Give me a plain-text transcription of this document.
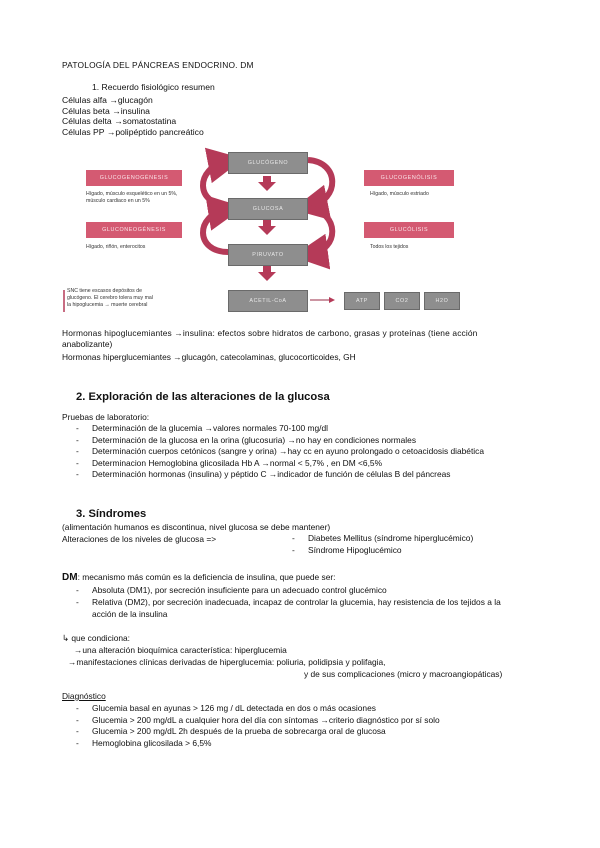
PATOLOGÍA DEL PÁNCREAS ENDOCRINO. DM
1. Recuerdo fisiológico resumen
Células alfa →glucagón
Células beta →insulina
Células delta →somatostatina
Células PP →polipéptido pancreático
GLUCÓGENO
GLUCOSA
PIRUVATO
ACETIL-CoA
GLUCOGENOGÉNESIS
Hígado, músculo esquelético en un 5%,
músculo cardiaco en un 5%
GLUCONEOGÉNESIS
Hígado, riñón, enterocitos
GLUCOGENÓLISIS
Hígado, músculo estriado
GLUCÓLISIS
Todos los tejidos
SNC tiene escasos depósitos de
glucógeno. El cerebro tolera muy mal
la hipoglucemia → muerte cerebral
ATP	CO2	H2O
Hormonas hipoglucemiantes →insulina: efectos sobre hidratos de carbono, grasas y proteínas (tiene acción
anabolizante)
Hormonas hiperglucemiantes →glucagón, catecolaminas, glucocorticoides, GH
2. Exploración de las alteraciones de la glucosa
Pruebas de laboratorio:
- Determinación de la glucemia →valores normales 70-100 mg/dl
- Determinación de la glucosa en la orina (glucosuria) →no hay en condiciones normales
- Determinación cuerpos cetónicos (sangre y orina) →hay cc en ayuno prolongado o cetoacidosis diabética
- Determinacion Hemoglobina glicosilada Hb A →normal < 5,7% , en DM <6,5%
- Determinación hormonas (insulina) y péptido C →indicador de función de células B del páncreas
3. Síndromes
(alimentación humanos es discontinua, nivel glucosa se debe mantener)
Alteraciones de los niveles de glucosa =>
-	Diabetes Mellitus (síndrome hiperglucémico)
- Síndrome Hipoglucémico
DM: mecanismo más común es la deficiencia de insulina, que puede ser:
- Absoluta (DM1), por secreción insuficiente para un adecuado control glucémico
- Relativa (DM2), por secreción inadecuada, incapaz de controlar la glucemia, hay resistencia de los tejidos a la
acción de la insulina
↳ que condiciona:
→una alteración bioquímica característica: hiperglucemia
→manifestaciones clínicas derivadas de hiperglucemia: poliuria, polidipsia y polifagia,
y de sus complicaciones (micro y macroangiopáticas)
Diagnóstico
- Glucemia basal en ayunas > 126 mg / dL detectada en dos o más ocasiones
- Glucemia > 200 mg/dL a cualquier hora del día con síntomas →criterio diagnóstico por sí solo
- Glucemia > 200 mg/dL 2h después de la prueba de sobrecarga oral de glucosa
- Hemoglobina glicosilada > 6,5%
